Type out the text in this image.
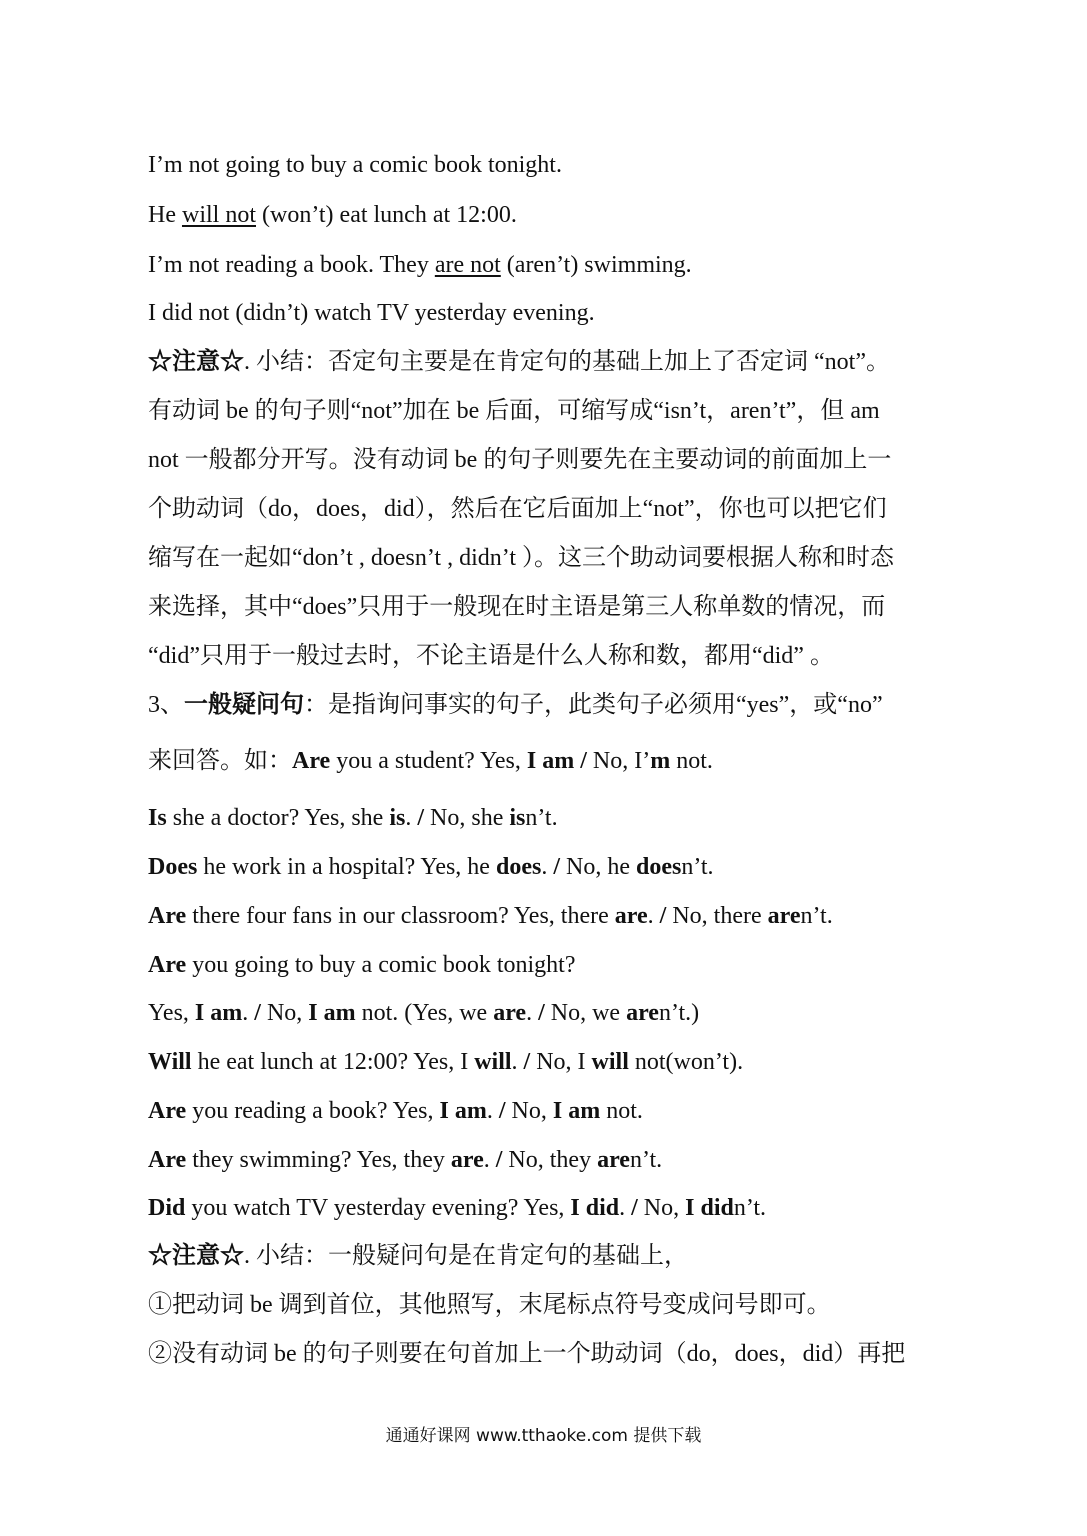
I’m not going to buy a comic book tonight.
He will not (won’t) eat lunch at 12:00.
I’m not reading a book. They are not (aren’t) swimming.
I did not (didn’t) watch TV yesterday evening.
☆注意☆. 小结：否定句主要是在肯定句的基础上加上了否定词 “not”。
有动词 be 的句子则“not”加在 be 后面，可缩写成“isn’t，aren’t”，但 am
not 一般都分开写。没有动词 be 的句子则要先在主要动词的前面加上一
个助动词（do，does，did），然后在它后面加上“not”，你也可以把它们
缩写在一起如“don’t , doesn’t , didn’t ）。这三个助动词要根据人称和时态
来选择，其中“does”只用于一般现在时主语是第三人称单数的情况，而
“did”只用于一般过去时，不论主语是什么人称和数，都用“did” 。
3、一般疑问句：是指询问事实的句子，此类句子必须用“yes”，或“no”
来回答。如：Are you a student? Yes, I am / No, I’m not.
Is she a doctor? Yes, she is. / No, she isn’t.
Does he work in a hospital? Yes, he does. / No, he doesn’t.
Are there four fans in our classroom? Yes, there are. / No, there aren’t.
Are you going to buy a comic book tonight?
Yes, I am. / No, I am not. (Yes, we are. / No, we aren’t.)
Will he eat lunch at 12:00? Yes, I will. / No, I will not(won’t).
Are you reading a book? Yes, I am. / No, I am not.
Are they swimming? Yes, they are. / No, they aren’t.
Did you watch TV yesterday evening? Yes, I did. / No, I didn’t.
☆注意☆. 小结：一般疑问句是在肯定句的基础上，
①把动词 be 调到首位，其他照写，末尾标点符号变成问号即可。
②没有动词 be 的句子则要在句首加上一个助动词（do，does，did）再把
通通好课网 www.tthaoke.com 提供下载
